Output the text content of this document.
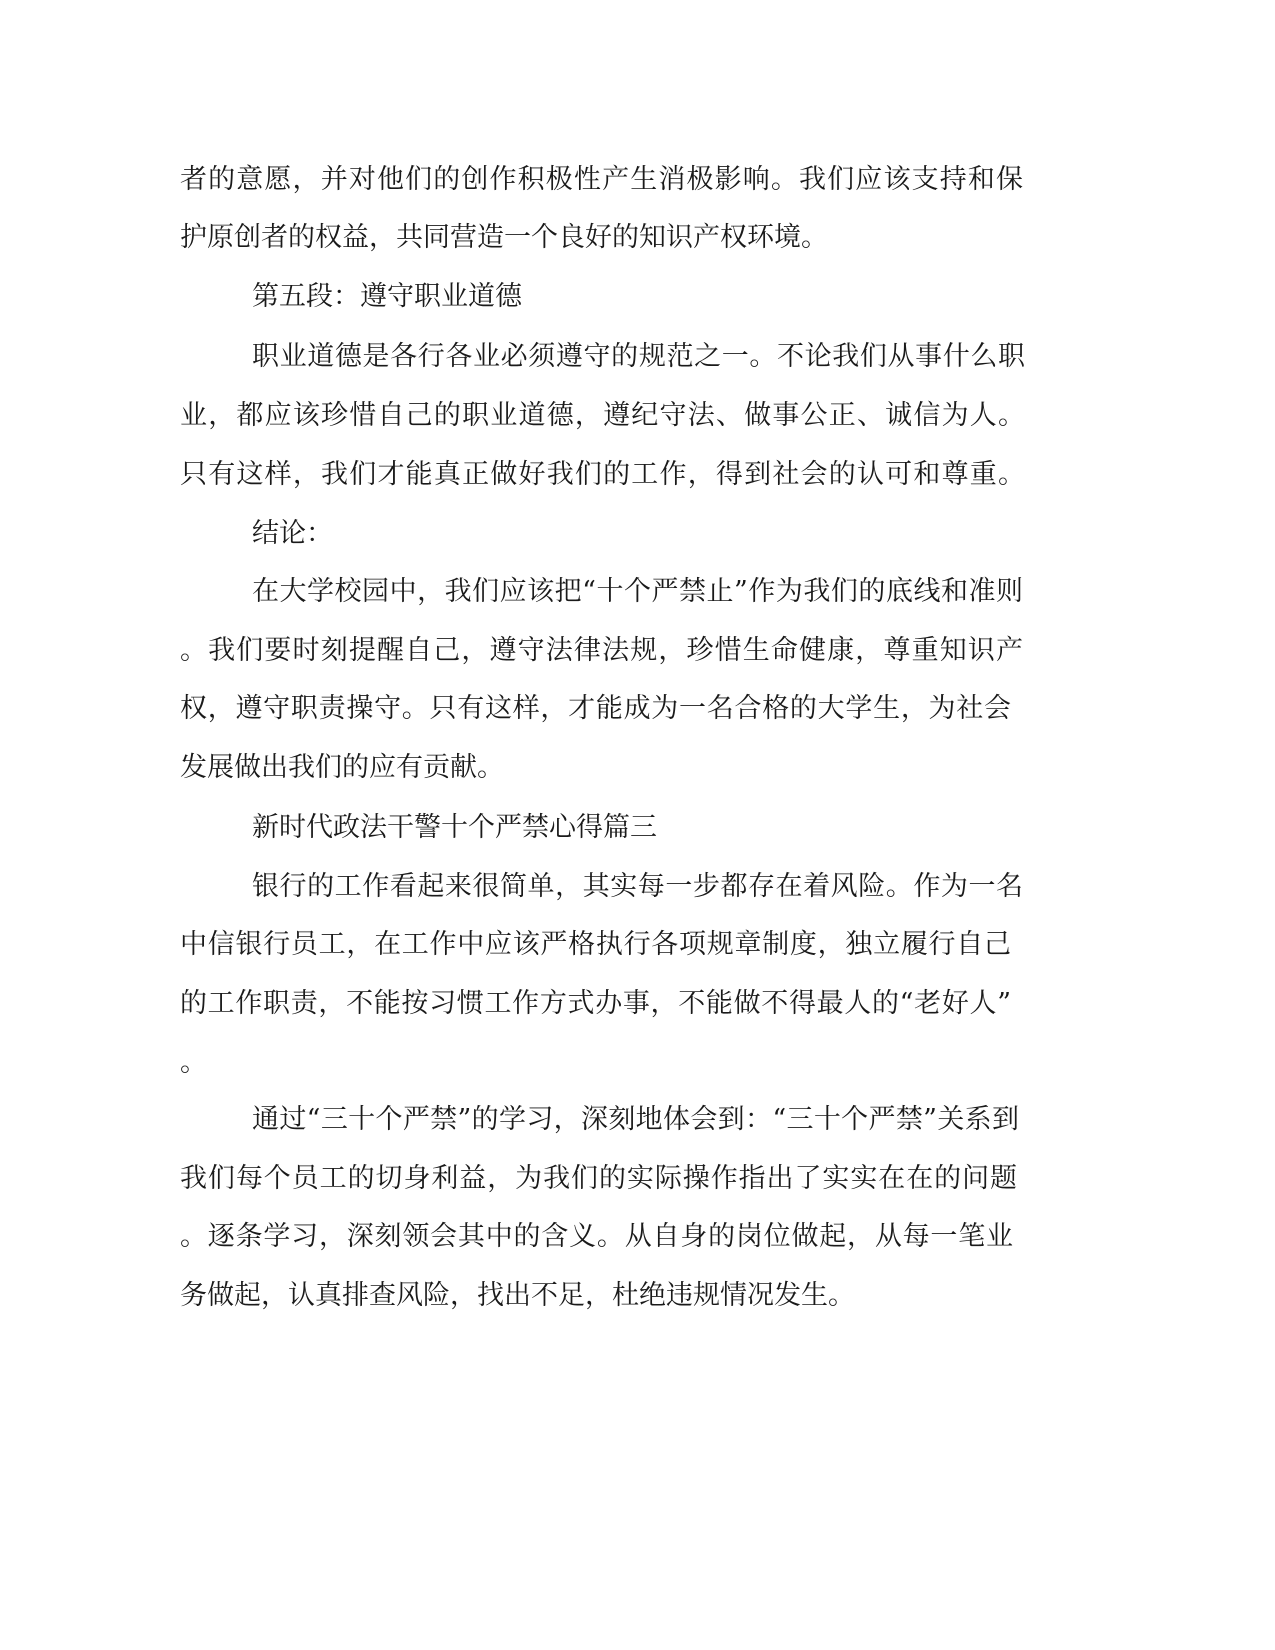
者的意愿，并对他们的创作积极性产生消极影响。我们应该支持和保
护原创者的权益，共同营造一个良好的知识产权环境。
第五段：遵守职业道德
职业道德是各行各业必须遵守的规范之一。不论我们从事什么职
业，都应该珍惜自己的职业道德，遵纪守法、做事公正、诚信为人。
只有这样，我们才能真正做好我们的工作，得到社会的认可和尊重。
结论：
在大学校园中，我们应该把“十个严禁止”作为我们的底线和准则
。我们要时刻提醒自己，遵守法律法规，珍惜生命健康，尊重知识产
权，遵守职责操守。只有这样，才能成为一名合格的大学生，为社会
发展做出我们的应有贡献。
新时代政法干警十个严禁心得篇三
银行的工作看起来很简单，其实每一步都存在着风险。作为一名
中信银行员工，在工作中应该严格执行各项规章制度，独立履行自己
的工作职责，不能按习惯工作方式办事，不能做不得最人的“老好人”
。
通过“三十个严禁”的学习，深刻地体会到：“三十个严禁”关系到
我们每个员工的切身利益，为我们的实际操作指出了实实在在的问题
。逐条学习，深刻领会其中的含义。从自身的岗位做起，从每一笔业
务做起，认真排查风险，找出不足，杜绝违规情况发生。
